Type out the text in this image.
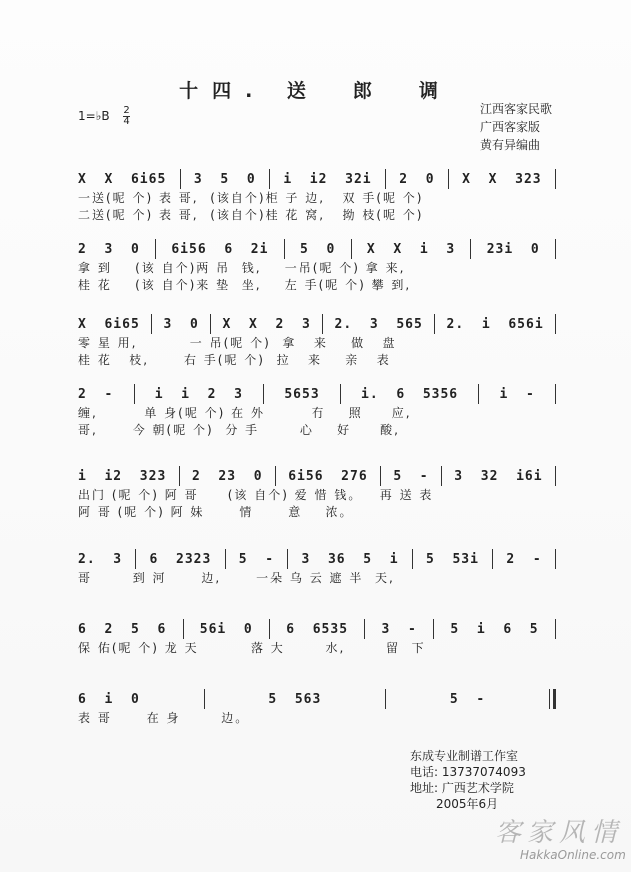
十四. 送　郎　调
1=♭B $\frac{2}{4}$	江西客家民歌
广西客家版
黄有异编曲
X  X  6i65 3  5  0 i  i2  32i 2  0 X  X  323
一送(呢 个) 表 哥,  (该自个)柜 子 边,   双 手(呢 个)
二送(呢 个) 表 哥,  (该自个)桂 花 窝,   拗 枝(呢 个)
2  3  0 6i56  6  2i 5  0 X  X  i  3 23i  0
拿 到    (该 自个)两 吊  钱,    一吊(呢 个) 拿 来,
桂 花    (该 自个)来 垫  坐,    左 手(呢 个) 攀 到,
X  6i65 3  0 X  X  2  3 2.  3  565 2.  i  656i
零 星 用,         一 吊(呢 个)  拿   来    做   盘
桂 花   枝,      右 手(呢 个)  拉   来    亲   表
2  -	i  i  2  3	5653	i.  6  5356	i  -
缠,        单 身(呢 个) 在 外        冇    照     应,
哥,      今 朝(呢 个)  分 手       心    好     酸,
i  i2  323 2  23  0 6i56  276 5  - 3  32  i6i
出门 (呢 个) 阿 哥     (该 自个) 爱 惜 钱。   再 送 表
阿 哥 (呢 个) 阿 妹      情      意    浓。
2.  3 6  2323 5  - 3  36  5  i 5  53i 2  -
哥       到 河      边,      一朵 乌 云 遮 半  天,
6  2  5  6	56i  0	6  6535	3  -	5  i  6  5
保 佑(呢 个) 龙 天         落 大       水,       留  下
6  i  0	5  563	5  -
表 哥      在 身       边。
东成专业制谱工作室
电话: 13737074093
地址: 广西艺术学院
2005年6月
客家风情
HakkaOnline.com
